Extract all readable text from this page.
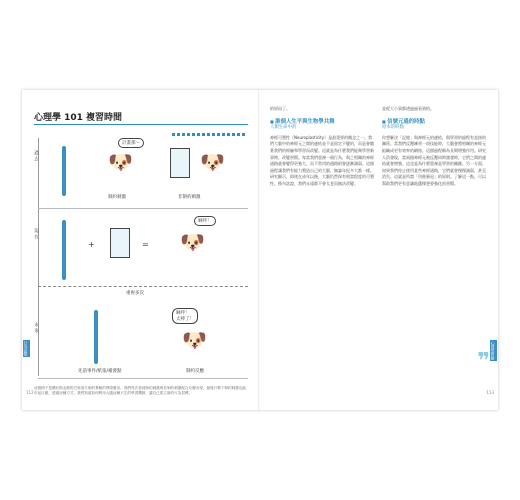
心理學 101 複習時間
過去
計畫那～
🐶	🐶
制約刺激	非制約刺激
現在
+	=
咻呼！
🐶
重複多次
未來
咻呼！
太棒了！
🐶
先前事件/紙張/補發點	制約反應
這個例子是關於斯金納的巴甫洛夫制約實驗的實際應用。我們每次看到制約刺激與非制約刺激配合反覆出現，最後只剩下制約刺激也能引起反應。透過這種方式，我們知道如何利用大腦這種天生的學習機制，讓自己建立新的行為習慣。
112
行為改變
的原因了。
■ 誰個人生平與生物學共舞
人類生命中的
神經可塑性（Neuroplasticity）是最重要的概念之一。我們大腦中的神經元之間的連結並不是固定不變的，而是會隨著我們的經驗和學習而改變。這就是為什麼我們能夠學習新事物、改變習慣。每當我們重複一個行為，與之相關的神經通路就會變得更強大，而不常用的通路則會逐漸減弱。這個過程讓我們有能力塑造自己的大腦，無論年紀多大都一樣。研究顯示，即使在成年以後，大腦仍然保有相當程度的可塑性。換句話說，我們永遠都不會太老而無法改變。
並從大小事都透過過看到的。
■ 信號元過的時點
原本的時點
你想解決「記憶」與神經元的連結，與學習的過程有直接的關係。當我們反覆練習一項技能時，大腦會將相關的神經元組織成更有效率的網絡。這個過程稱為長期增強作用。研究人員發現，當兩個神經元被反覆同時激發時，它們之間的連結就會增強。這也是為什麼重複是學習的關鍵。另一方面，如果我們停止使用某些神經通路，它們就會慢慢減弱，甚至消失。這就是所謂「用進廢退」的原則。了解這一點，可以幫助我們更有意識地選擇想要強化的習慣。
❞
113
心理學實驗
